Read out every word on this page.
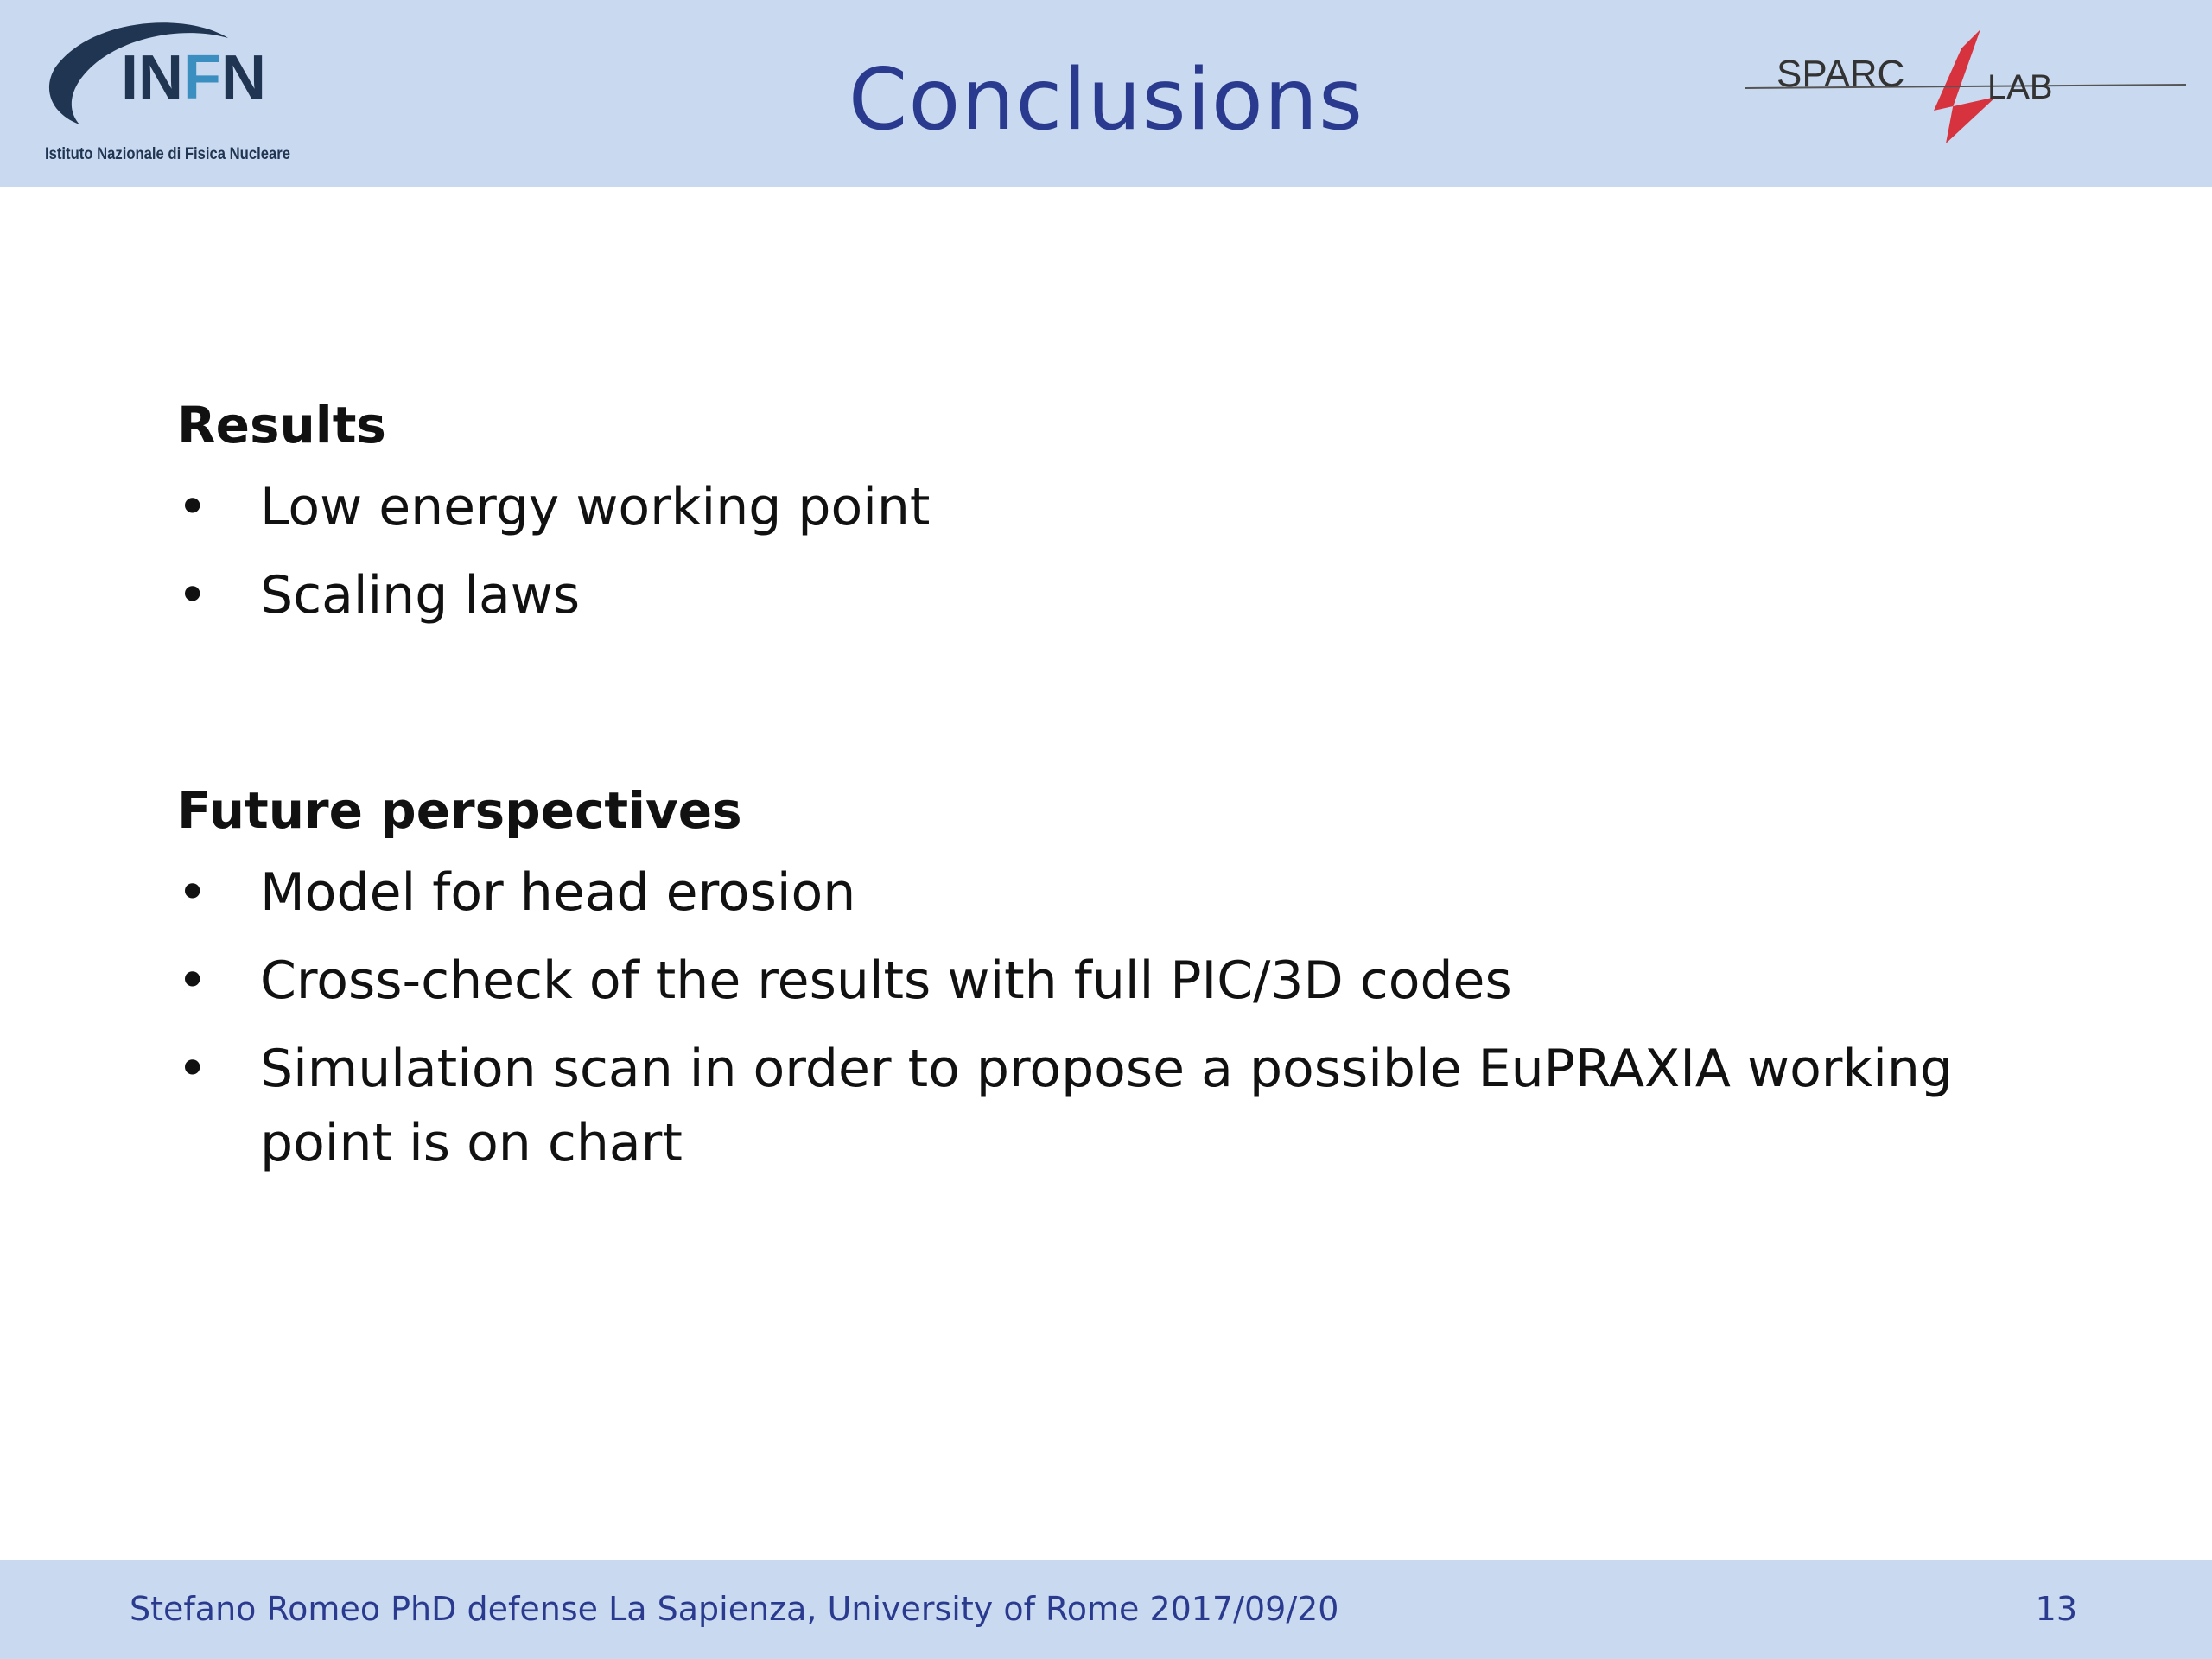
INFN
Istituto Nazionale di Fisica Nucleare
Conclusions	SPARC LAB
Results
• Low energy working point
• Scaling laws
Future perspectives
• Model for head erosion
• Cross-check of the results with full PIC/3D codes
• Simulation scan in order to propose a possible EuPRAXIA working point is on chart
Stefano Romeo PhD defense La Sapienza, University of Rome 2017/09/20	13
